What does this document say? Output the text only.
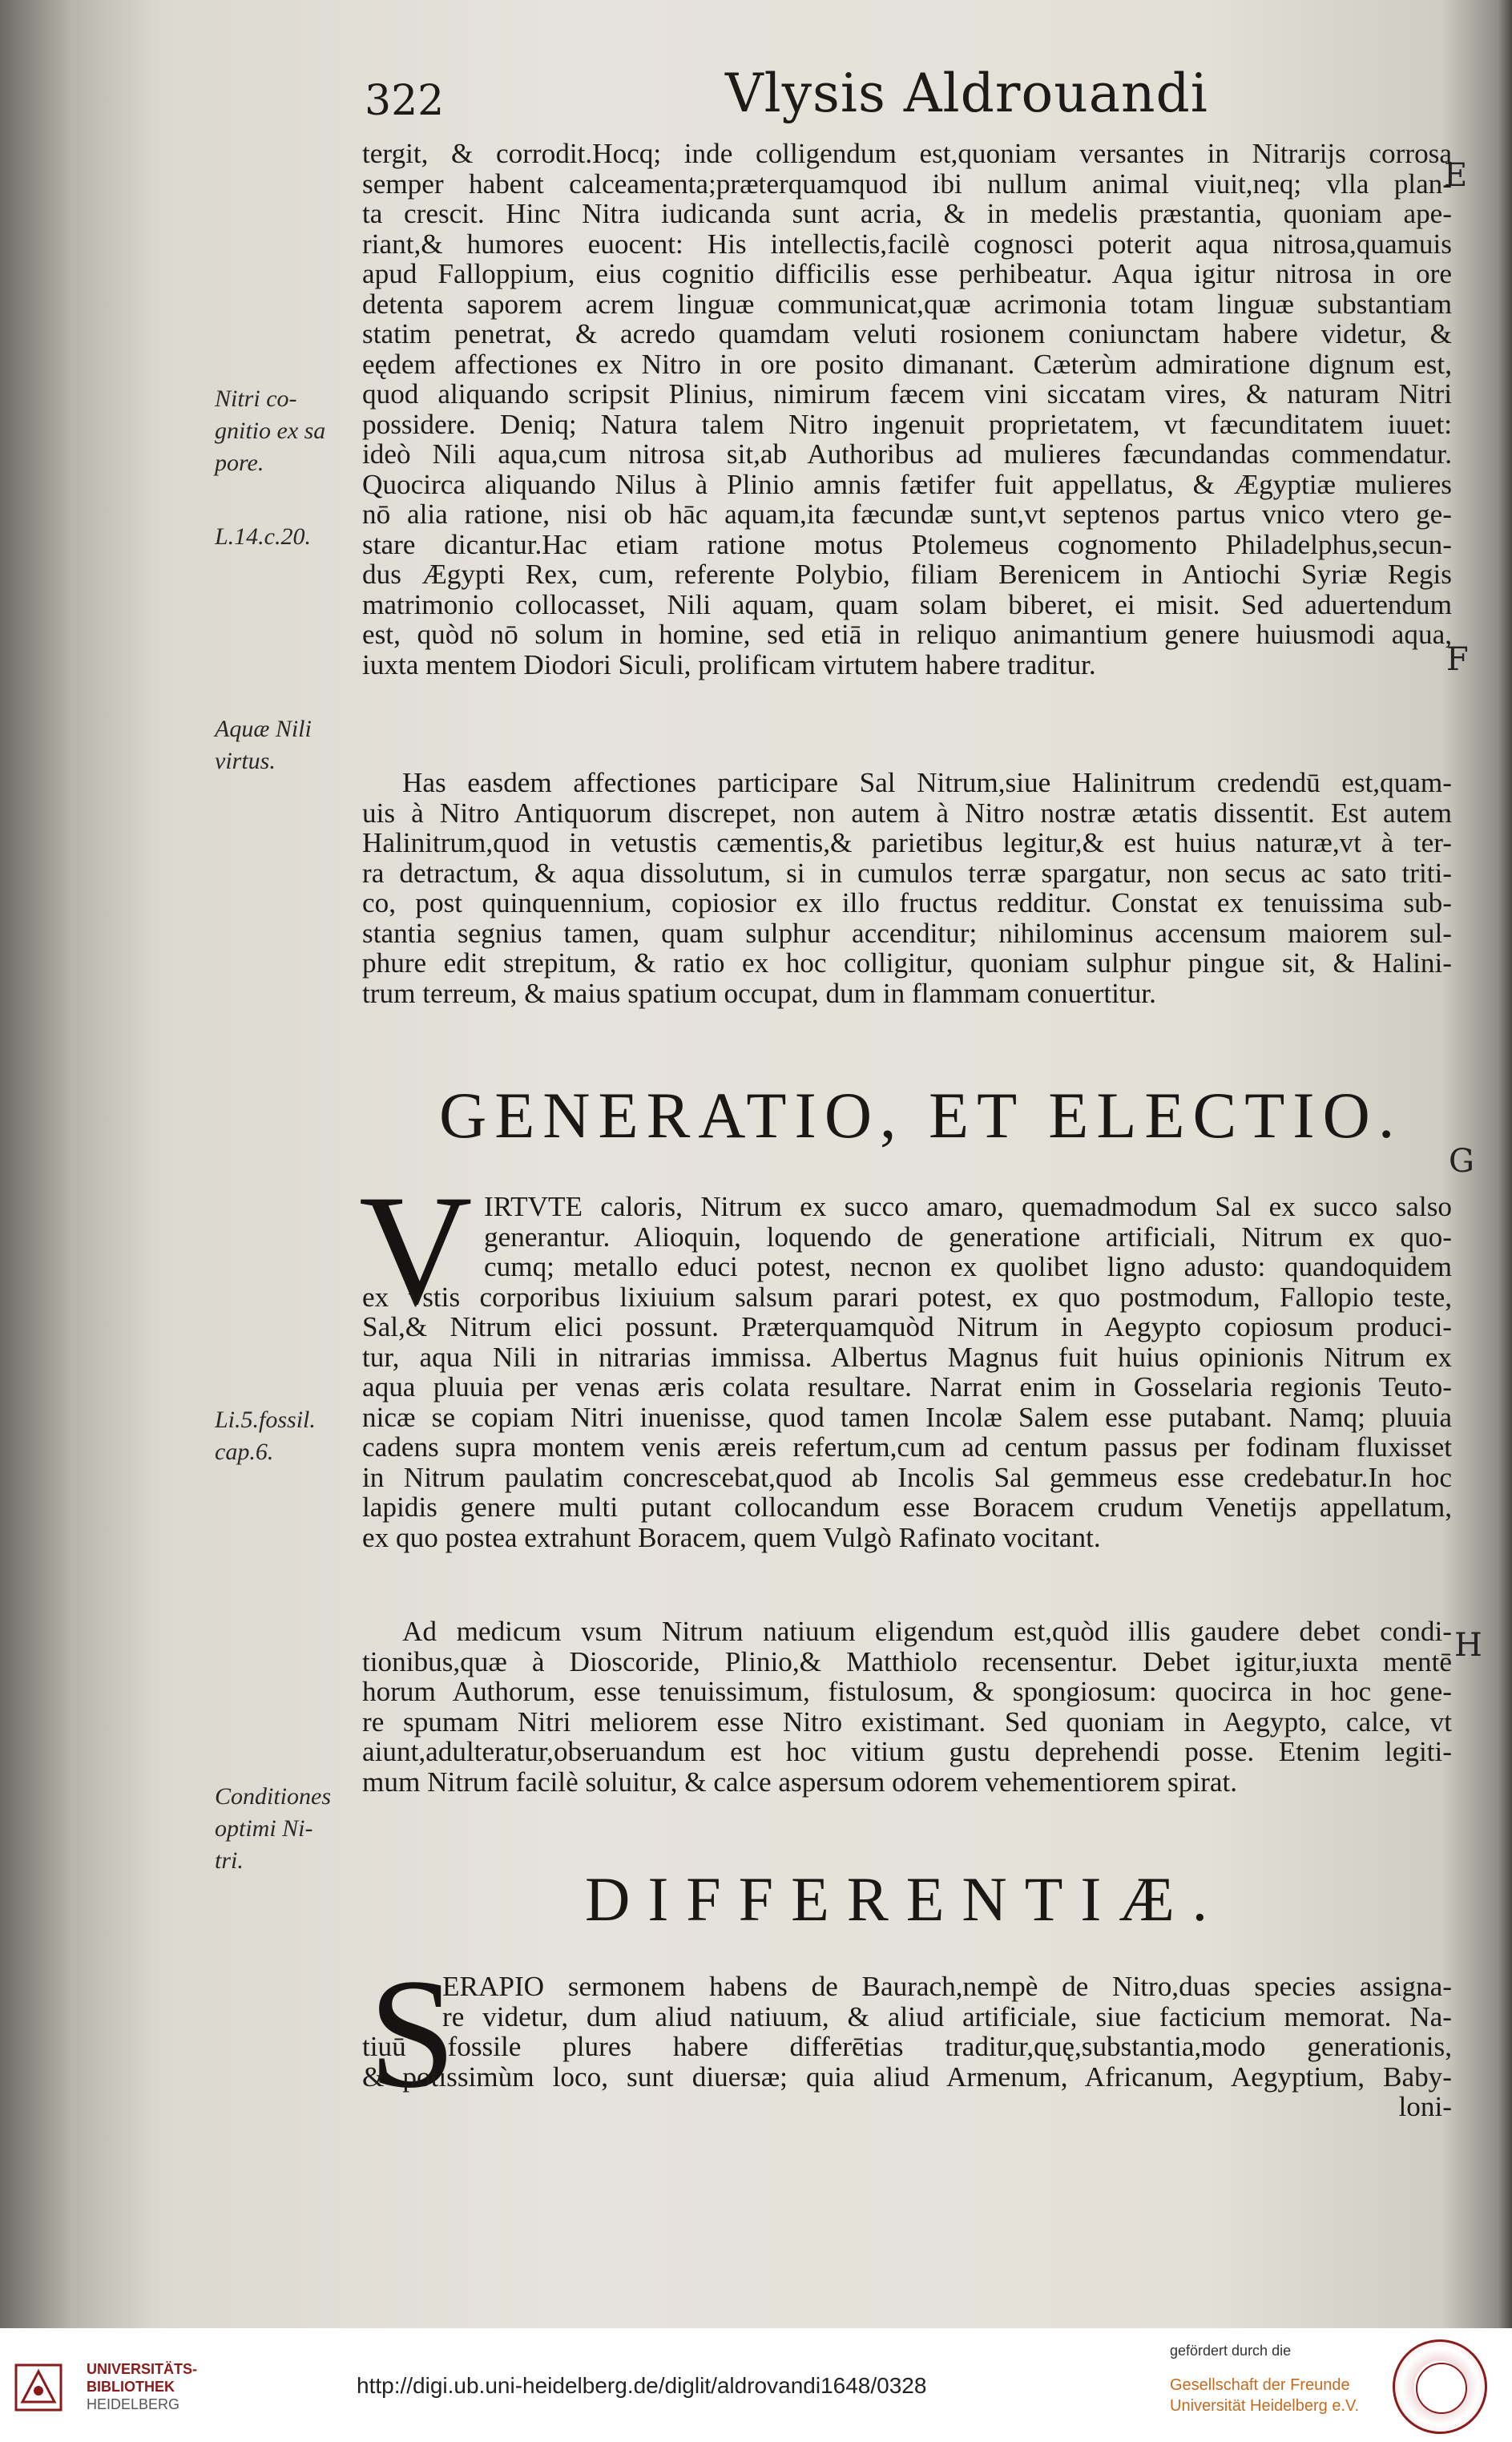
322	Vlysis Aldrouandi
E
F
G
H
Nitri co-
gnitio ex sa
pore.
L.14.c.20.
Aquæ Nili
virtus.
Li.5.fossil.
cap.6.
Conditiones
optimi Ni-
tri.
tergit, & corrodit.Hocq; inde colligendum est,quoniam versantes in Nitrarijs corrosa
semper habent calceamenta;præterquamquod ibi nullum animal viuit,neq; vlla plan-
ta crescit. Hinc Nitra iudicanda sunt acria, & in medelis præstantia, quoniam ape-
riant,& humores euocent: His intellectis,facilè cognosci poterit aqua nitrosa,quamuis
apud Falloppium, eius cognitio difficilis esse perhibeatur. Aqua igitur nitrosa in ore
detenta saporem acrem linguæ communicat,quæ acrimonia totam linguæ substantiam
statim penetrat, & acredo quamdam veluti rosionem coniunctam habere videtur, &
eędem affectiones ex Nitro in ore posito dimanant. Cæterùm admiratione dignum est,
quod aliquando scripsit Plinius, nimirum fæcem vini siccatam vires, & naturam Nitri
possidere. Deniq; Natura talem Nitro ingenuit proprietatem, vt fæcunditatem iuuet:
ideò Nili aqua,cum nitrosa sit,ab Authoribus ad mulieres fæcundandas commendatur.
Quocirca aliquando Nilus à Plinio amnis fætifer fuit appellatus, & Ægyptiæ mulieres
nō alia ratione, nisi ob hāc aquam,ita fæcundæ sunt,vt septenos partus vnico vtero ge-
stare dicantur.Hac etiam ratione motus Ptolemeus cognomento Philadelphus,secun-
dus Ægypti Rex, cum, referente Polybio, filiam Berenicem in Antiochi Syriæ Regis
matrimonio collocasset, Nili aquam, quam solam biberet, ei misit. Sed aduertendum
est, quòd nō solum in homine, sed etiā in reliquo animantium genere huiusmodi aqua,
iuxta mentem Diodori Siculi, prolificam virtutem habere traditur.
Has easdem affectiones participare Sal Nitrum,siue Halinitrum credendū est,quam-
uis à Nitro Antiquorum discrepet, non autem à Nitro nostræ ætatis dissentit. Est autem
Halinitrum,quod in vetustis cæmentis,& parietibus legitur,& est huius naturæ,vt à ter-
ra detractum, & aqua dissolutum, si in cumulos terræ spargatur, non secus ac sato triti-
co, post quinquennium, copiosior ex illo fructus redditur. Constat ex tenuissima sub-
stantia segnius tamen, quam sulphur accenditur; nihilominus accensum maiorem sul-
phure edit strepitum, & ratio ex hoc colligitur, quoniam sulphur pingue sit, & Halini-
trum terreum, & maius spatium occupat, dum in flammam conuertitur.
GENERATIO, ET ELECTIO.
V IRTVTE caloris, Nitrum ex succo amaro, quemadmodum Sal ex succo salso
generantur. Alioquin, loquendo de generatione artificiali, Nitrum ex quo-
cumq; metallo educi potest, necnon ex quolibet ligno adusto: quandoquidem
ex vstis corporibus lixiuium salsum parari potest, ex quo postmodum, Fallopio teste,
Sal,& Nitrum elici possunt. Præterquamquòd Nitrum in Aegypto copiosum produci-
tur, aqua Nili in nitrarias immissa. Albertus Magnus fuit huius opinionis Nitrum ex
aqua pluuia per venas æris colata resultare. Narrat enim in Gosselaria regionis Teuto-
nicæ se copiam Nitri inuenisse, quod tamen Incolæ Salem esse putabant. Namq; pluuia
cadens supra montem venis æreis refertum,cum ad centum passus per fodinam fluxisset
in Nitrum paulatim concrescebat,quod ab Incolis Sal gemmeus esse credebatur.In hoc
lapidis genere multi putant collocandum esse Boracem crudum Venetijs appellatum,
ex quo postea extrahunt Boracem, quem Vulgò Rafinato vocitant.
Ad medicum vsum Nitrum natiuum eligendum est,quòd illis gaudere debet condi-
tionibus,quæ à Dioscoride, Plinio,& Matthiolo recensentur. Debet igitur,iuxta mentē
horum Authorum, esse tenuissimum, fistulosum, & spongiosum: quocirca in hoc gene-
re spumam Nitri meliorem esse Nitro existimant. Sed quoniam in Aegypto, calce, vt
aiunt,adulteratur,obseruandum est hoc vitium gustu deprehendi posse. Etenim legiti-
mum Nitrum facilè soluitur, & calce aspersum odorem vehementiorem spirat.
DIFFERENTIÆ.
S
ERAPIO sermonem habens de Baurach,nempè de Nitro,duas species assigna-
re videtur, dum aliud natiuum, & aliud artificiale, siue facticium memorat. Na-
tiuū fossile plures habere differētias traditur,quę,substantia,modo generationis,
& potissimùm loco, sunt diuersæ; quia aliud Armenum, Africanum, Aegyptium, Baby-
loni-
UNIVERSITÄTS-
BIBLIOTHEK
HEIDELBERG
http://digi.ub.uni-heidelberg.de/diglit/aldrovandi1648/0328
gefördert durch die
Gesellschaft der Freunde
Universität Heidelberg e.V.
